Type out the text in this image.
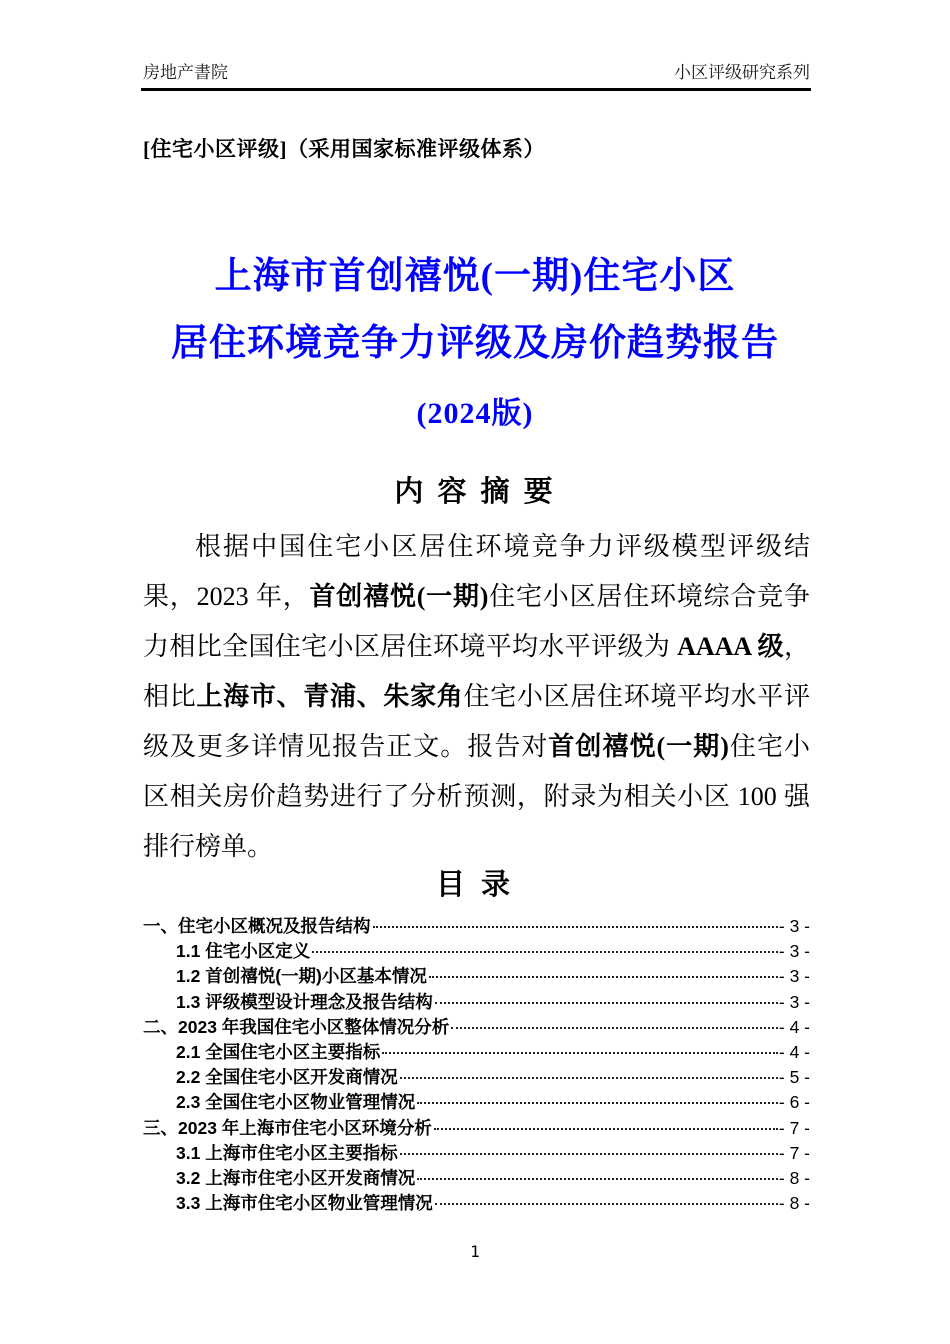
房地产書院	小区评级研究系列
[住宅小区评级]（采用国家标准评级体系）
上海市首创禧悦(一期)住宅小区
居住环境竞争力评级及房价趋势报告
(2024版)
内 容 摘 要

根据中国住宅小区居住环境竞争力评级模型评级结果，2023 年，首创禧悦(一期)住宅小区居住环境综合竞争力相比全国住宅小区居住环境平均水平评级为 AAAA 级，相比上海市、青浦、朱家角住宅小区居住环境平均水平评级及更多详情见报告正文。报告对首创禧悦(一期)住宅小区相关房价趋势进行了分析预测，附录为相关小区 100 强排行榜单。

目 录
一、住宅小区概况及报告结构	- 3 -
1.1 住宅小区定义	- 3 -
1.2 首创禧悦(一期)小区基本情况	- 3 -
1.3 评级模型设计理念及报告结构	- 3 -
二、2023 年我国住宅小区整体情况分析	- 4 -
2.1 全国住宅小区主要指标	- 4 -
2.2 全国住宅小区开发商情况	- 5 -
2.3 全国住宅小区物业管理情况	- 6 -
三、2023 年上海市住宅小区环境分析	- 7 -
3.1 上海市住宅小区主要指标	- 7 -
3.2 上海市住宅小区开发商情况	- 8 -
3.3 上海市住宅小区物业管理情况	- 8 -
1
